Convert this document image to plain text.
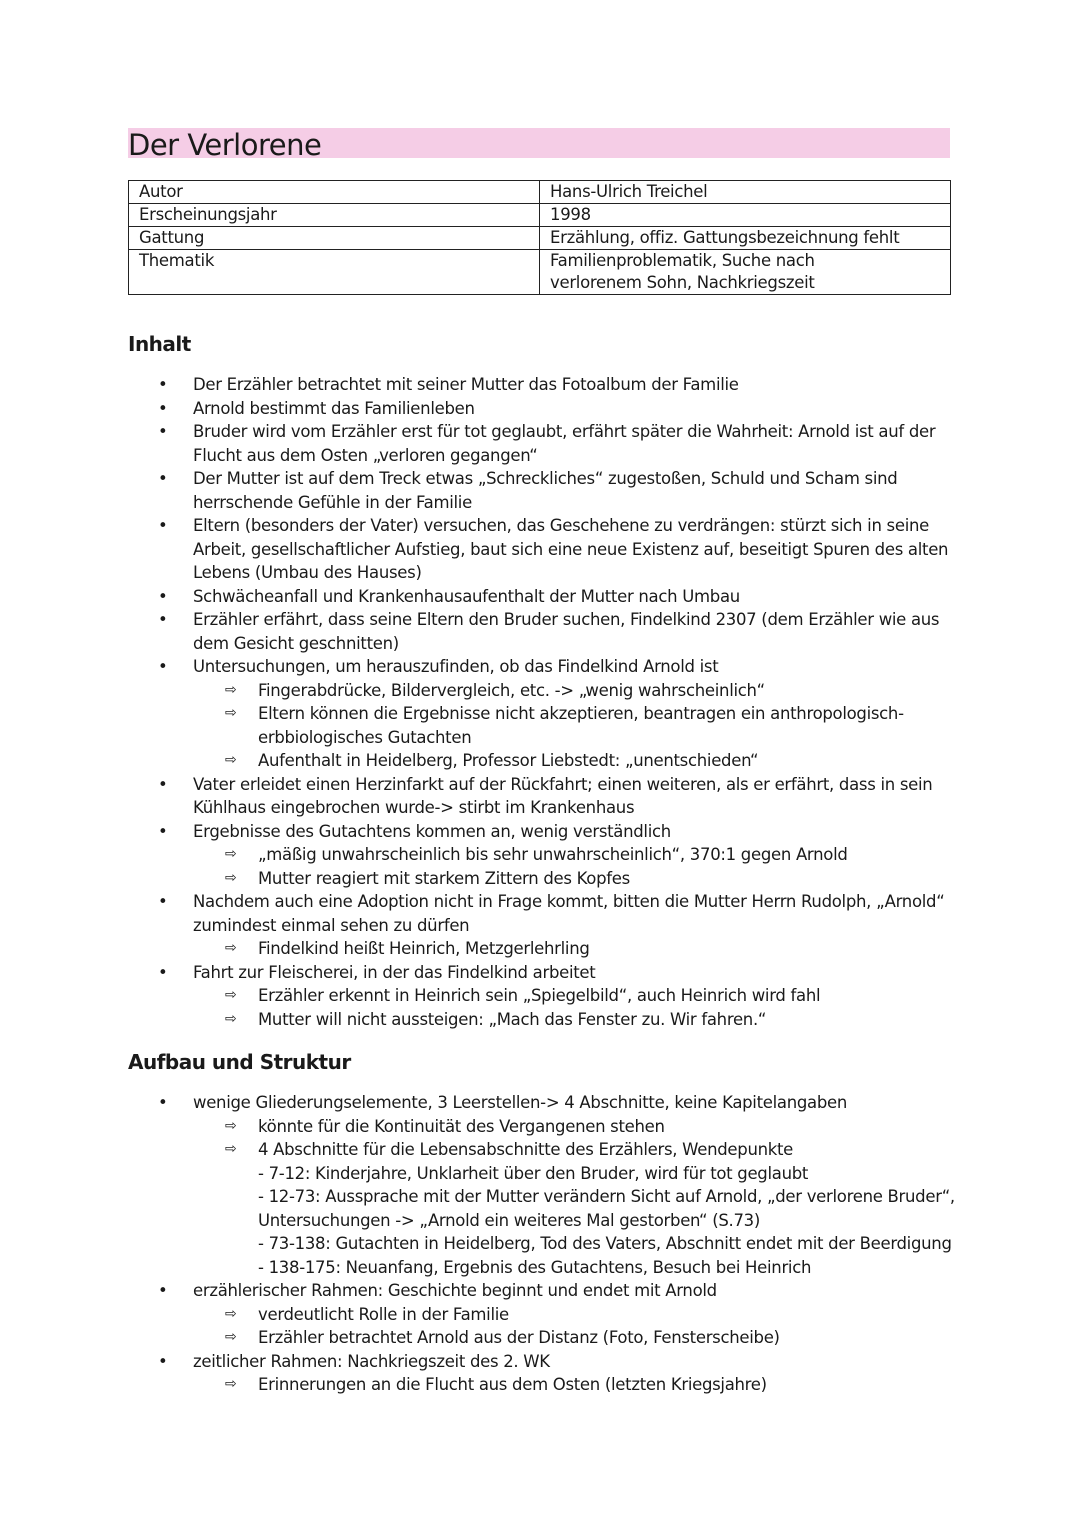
Der Verlorene
Autor	Hans-Ulrich Treichel
Erscheinungsjahr	1998
Gattung	Erzählung, offiz. Gattungsbezeichnung fehlt
Thematik	Familienproblematik, Suche nach verlorenem Sohn, Nachkriegszeit
Inhalt
• Der Erzähler betrachtet mit seiner Mutter das Fotoalbum der Familie
• Arnold bestimmt das Familienleben
• Bruder wird vom Erzähler erst für tot geglaubt, erfährt später die Wahrheit: Arnold ist auf der Flucht aus dem Osten „verloren gegangen“
• Der Mutter ist auf dem Treck etwas „Schreckliches“ zugestoßen, Schuld und Scham sind herrschende Gefühle in der Familie
• Eltern (besonders der Vater) versuchen, das Geschehene zu verdrängen: stürzt sich in seine Arbeit, gesellschaftlicher Aufstieg, baut sich eine neue Existenz auf, beseitigt Spuren des alten Lebens (Umbau des Hauses)
• Schwächeanfall und Krankenhausaufenthalt der Mutter nach Umbau
• Erzähler erfährt, dass seine Eltern den Bruder suchen, Findelkind 2307 (dem Erzähler wie aus dem Gesicht geschnitten)
• Untersuchungen, um herauszufinden, ob das Findelkind Arnold ist
⇨ Fingerabdrücke, Bildervergleich, etc. -> „wenig wahrscheinlich“
⇨ Eltern können die Ergebnisse nicht akzeptieren, beantragen ein anthropologisch-erbbiologisches Gutachten
⇨ Aufenthalt in Heidelberg, Professor Liebstedt: „unentschieden“
• Vater erleidet einen Herzinfarkt auf der Rückfahrt; einen weiteren, als er erfährt, dass in sein Kühlhaus eingebrochen wurde-> stirbt im Krankenhaus
• Ergebnisse des Gutachtens kommen an, wenig verständlich
⇨ „mäßig unwahrscheinlich bis sehr unwahrscheinlich“, 370:1 gegen Arnold
⇨ Mutter reagiert mit starkem Zittern des Kopfes
• Nachdem auch eine Adoption nicht in Frage kommt, bitten die Mutter Herrn Rudolph, „Arnold“ zumindest einmal sehen zu dürfen
⇨ Findelkind heißt Heinrich, Metzgerlehrling
• Fahrt zur Fleischerei, in der das Findelkind arbeitet
⇨ Erzähler erkennt in Heinrich sein „Spiegelbild“, auch Heinrich wird fahl
⇨ Mutter will nicht aussteigen: „Mach das Fenster zu. Wir fahren.“
Aufbau und Struktur
• wenige Gliederungselemente, 3 Leerstellen-> 4 Abschnitte, keine Kapitelangaben
⇨ könnte für die Kontinuität des Vergangenen stehen
⇨ 4 Abschnitte für die Lebensabschnitte des Erzählers, Wendepunkte
- 7-12: Kinderjahre, Unklarheit über den Bruder, wird für tot geglaubt
- 12-73: Aussprache mit der Mutter verändern Sicht auf Arnold, „der verlorene Bruder“, Untersuchungen -> „Arnold ein weiteres Mal gestorben“ (S.73)
- 73-138: Gutachten in Heidelberg, Tod des Vaters, Abschnitt endet mit der Beerdigung
- 138-175: Neuanfang, Ergebnis des Gutachtens, Besuch bei Heinrich
• erzählerischer Rahmen: Geschichte beginnt und endet mit Arnold
⇨ verdeutlicht Rolle in der Familie
⇨ Erzähler betrachtet Arnold aus der Distanz (Foto, Fensterscheibe)
• zeitlicher Rahmen: Nachkriegszeit des 2. WK
⇨ Erinnerungen an die Flucht aus dem Osten (letzten Kriegsjahre)
